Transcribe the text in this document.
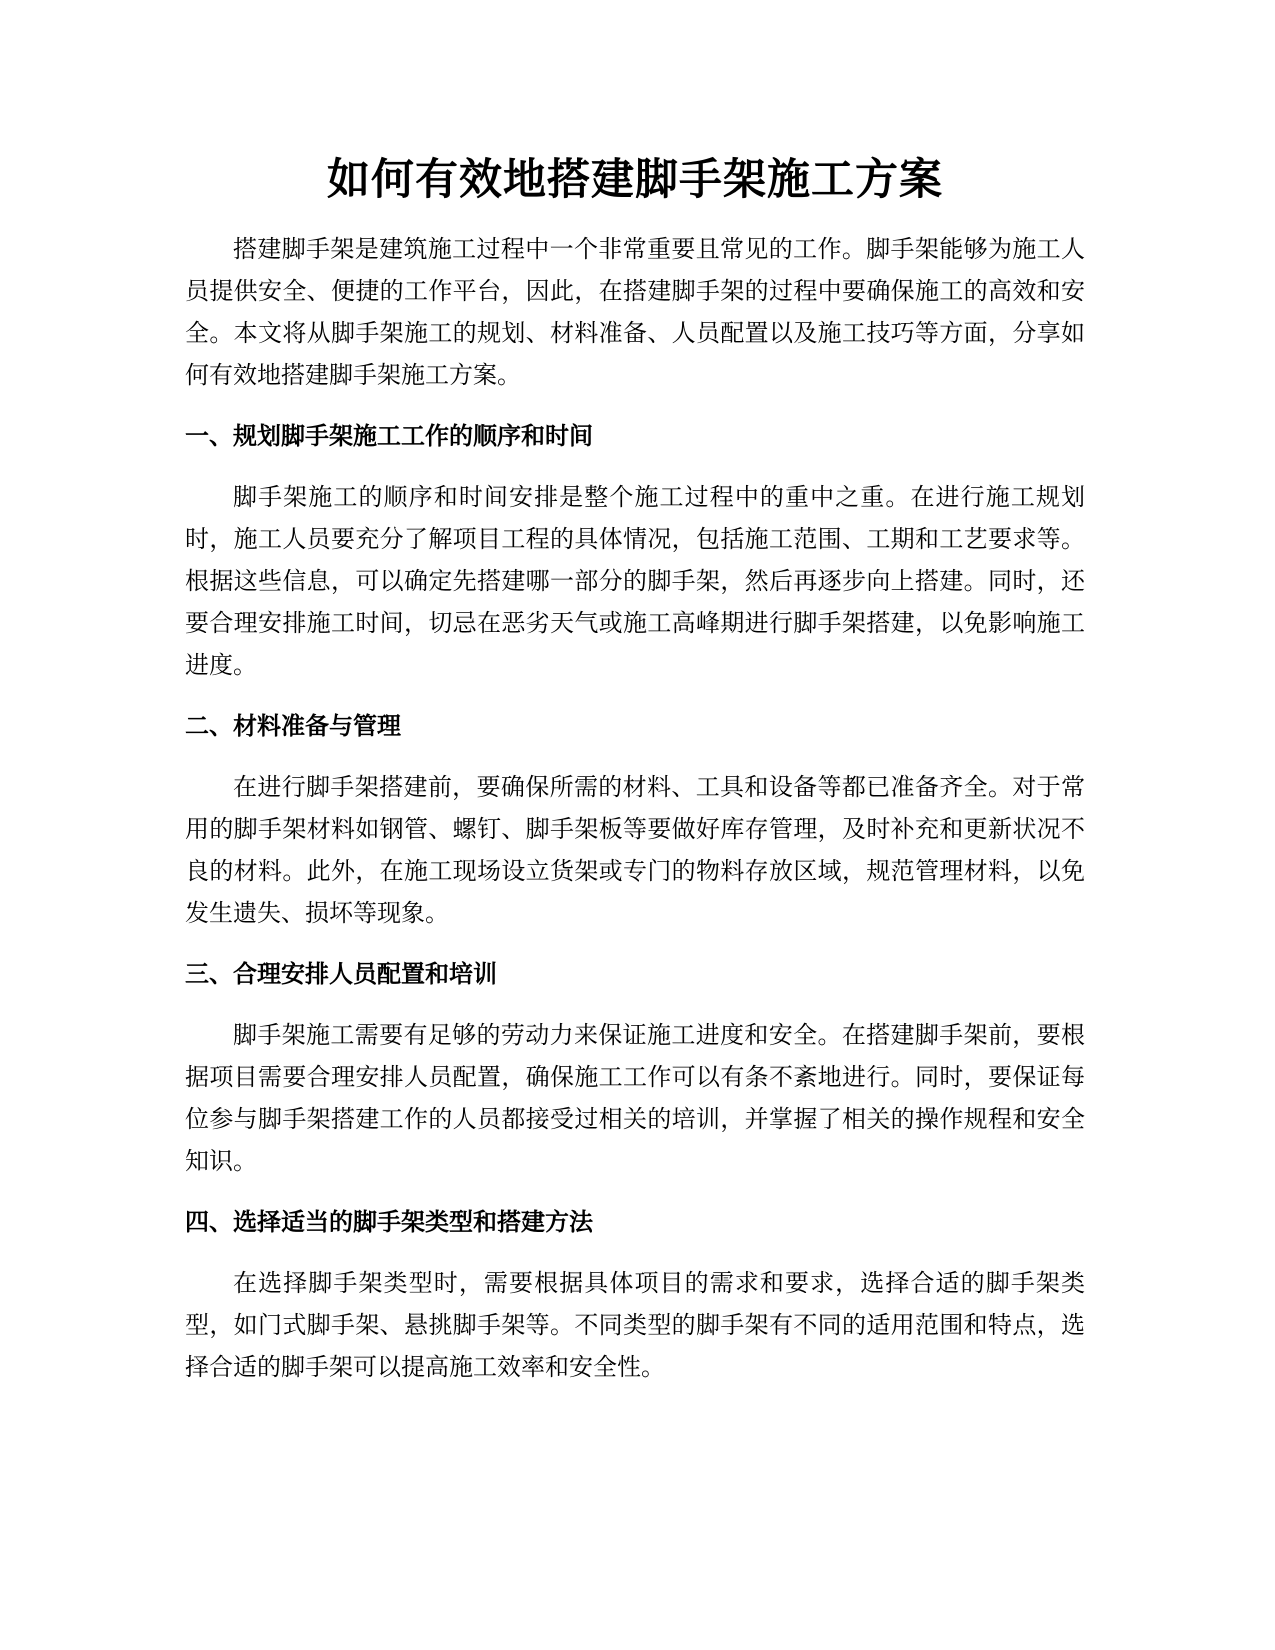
如何有效地搭建脚手架施工方案

搭建脚手架是建筑施工过程中一个非常重要且常见的工作。脚手架能够为施工人员提供安全、便捷的工作平台，因此，在搭建脚手架的过程中要确保施工的高效和安全。本文将从脚手架施工的规划、材料准备、人员配置以及施工技巧等方面，分享如何有效地搭建脚手架施工方案。

一、规划脚手架施工工作的顺序和时间

脚手架施工的顺序和时间安排是整个施工过程中的重中之重。在进行施工规划时，施工人员要充分了解项目工程的具体情况，包括施工范围、工期和工艺要求等。根据这些信息，可以确定先搭建哪一部分的脚手架，然后再逐步向上搭建。同时，还要合理安排施工时间，切忌在恶劣天气或施工高峰期进行脚手架搭建，以免影响施工进度。

二、材料准备与管理

在进行脚手架搭建前，要确保所需的材料、工具和设备等都已准备齐全。对于常用的脚手架材料如钢管、螺钉、脚手架板等要做好库存管理，及时补充和更新状况不良的材料。此外，在施工现场设立货架或专门的物料存放区域，规范管理材料，以免发生遗失、损坏等现象。

三、合理安排人员配置和培训

脚手架施工需要有足够的劳动力来保证施工进度和安全。在搭建脚手架前，要根据项目需要合理安排人员配置，确保施工工作可以有条不紊地进行。同时，要保证每位参与脚手架搭建工作的人员都接受过相关的培训，并掌握了相关的操作规程和安全知识。

四、选择适当的脚手架类型和搭建方法

在选择脚手架类型时，需要根据具体项目的需求和要求，选择合适的脚手架类型，如门式脚手架、悬挑脚手架等。不同类型的脚手架有不同的适用范围和特点，选择合适的脚手架可以提高施工效率和安全性。
